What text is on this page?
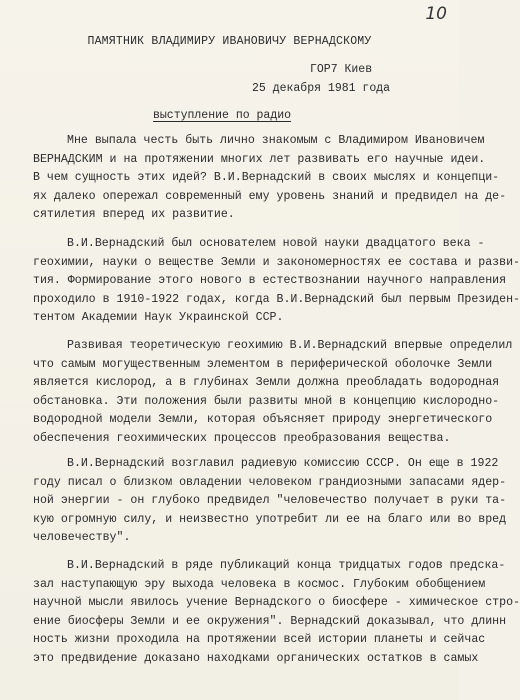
10
ПАМЯТНИК ВЛАДИМИРУ ИВАНОВИЧУ ВЕРНАДСКОМУ
ГОР7 Киев
25 декабря 1981 года
выступление по радио
Мне выпала честь быть лично знакомым с Владимиром Ивановичем
ВЕРНАДСКИМ и на протяжении многих лет развивать его научные идеи.
В чем сущность этих идей? В.И.Вернадский в своих мыслях и концепци-
ях далеко опережал современный ему уровень знаний и предвидел на де-
сятилетия вперед их развитие.
В.И.Вернадский был основателем новой науки двадцатого века -
геохимии, науки о веществе Земли и закономерностях ее состава и разви-
тия. Формирование этого нового в естествознании научного направления
проходило в 1910-1922 годах, когда В.И.Вернадский был первым Президен-
тентом Академии Наук Украинской ССР.
Развивая теоретическую геохимию В.И.Вернадский впервые определил
что самым могущественным элементом в периферической оболочке Земли
является кислород, а в глубинах Земли должна преобладать водородная
обстановка. Эти положения были развиты мной в концепцию кислородно-
водородной модели Земли, которая объясняет природу энергетического
обеспечения геохимических процессов преобразования вещества.
В.И.Вернадский возглавил радиевую комиссию СССР. Он еще в 1922
году писал о близком овладении человеком грандиозными запасами ядер-
ной энергии - он глубоко предвидел "человечество получает в руки та-
кую огромную силу, и неизвестно употребит ли ее на благо или во вред
человечеству".
В.И.Вернадский в ряде публикаций конца тридцатых годов предска-
зал наступающую эру выхода человека в космос. Глубоким обобщением
научной мысли явилось учение Вернадского о биосфере - химическое стро-
ение биосферы Земли и ее окружения". Вернадский доказывал, что длинн
ность жизни проходила на протяжении всей истории планеты и сейчас
это предвидение доказано находками органических остатков в самых
